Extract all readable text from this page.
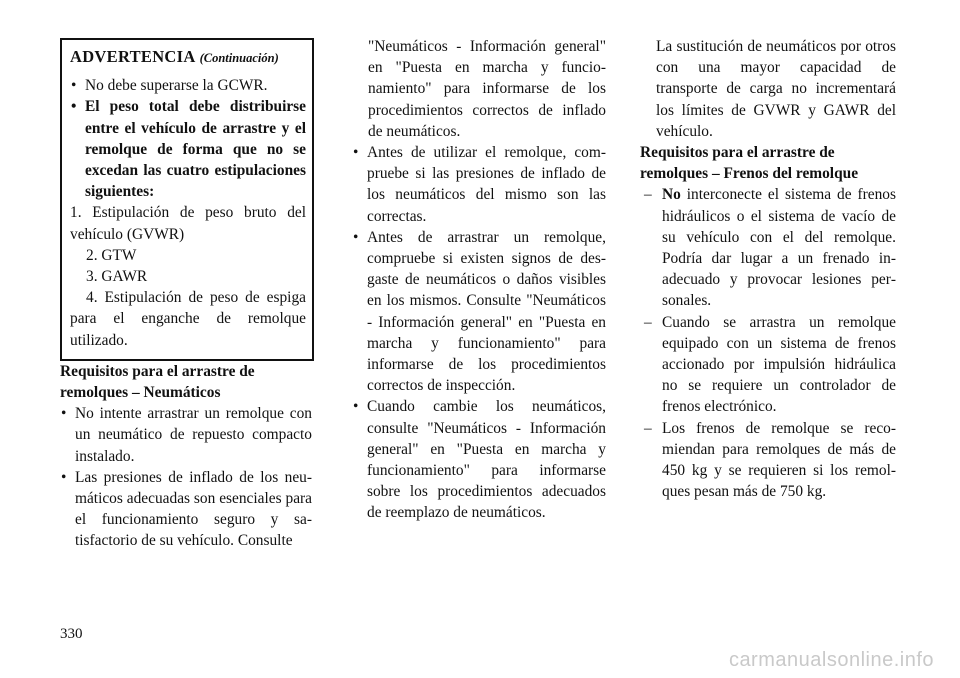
ADVERTENCIA (Continuación)

• No debe superarse la GCWR.

• El peso total debe distribuirse entre el vehículo de arrastre y el remolque de forma que no se excedan las cuatro estipulaciones siguientes:

1. Estipulación de peso bruto del vehículo (GVWR)

2. GTW

3. GAWR

4. Estipulación de peso de espiga para el enganche de remolque utilizado.

Requisitos para el arrastre de remolques – Neumáticos

• No intente arrastrar un remolque con un neumático de repuesto compacto instalado.

• Las presiones de inflado de los neumáticos adecuadas son esenciales para el funcionamiento seguro y satisfactorio de su vehículo. Consulte

"Neumáticos - Información general" en "Puesta en marcha y funcionamiento" para informarse de los procedimientos correctos de inflado de neumáticos.

• Antes de utilizar el remolque, compruebe si las presiones de inflado de los neumáticos del mismo son las correctas.

• Antes de arrastrar un remolque, compruebe si existen signos de desgaste de neumáticos o daños visibles en los mismos. Consulte "Neumáticos - Información general" en "Puesta en marcha y funcionamiento" para informarse de los procedimientos correctos de inspección.

• Cuando cambie los neumáticos, consulte "Neumáticos - Información general" en "Puesta en marcha y funcionamiento" para informarse sobre los procedimientos adecuados de reemplazo de neumáticos.

La sustitución de neumáticos por otros con una mayor capacidad de transporte de carga no incrementará los límites de GVWR y GAWR del vehículo.

Requisitos para el arrastre de remolques – Frenos del remolque

– No interconecte el sistema de frenos hidráulicos o el sistema de vacío de su vehículo con el del remolque. Podría dar lugar a un frenado inadecuado y provocar lesiones personales.

– Cuando se arrastra un remolque equipado con un sistema de frenos accionado por impulsión hidráulica no se requiere un controlador de frenos electrónico.

– Los frenos de remolque se recomiendan para remolques de más de 450 kg y se requieren si los remolques pesan más de 750 kg.

330
carmanualsonline.info
